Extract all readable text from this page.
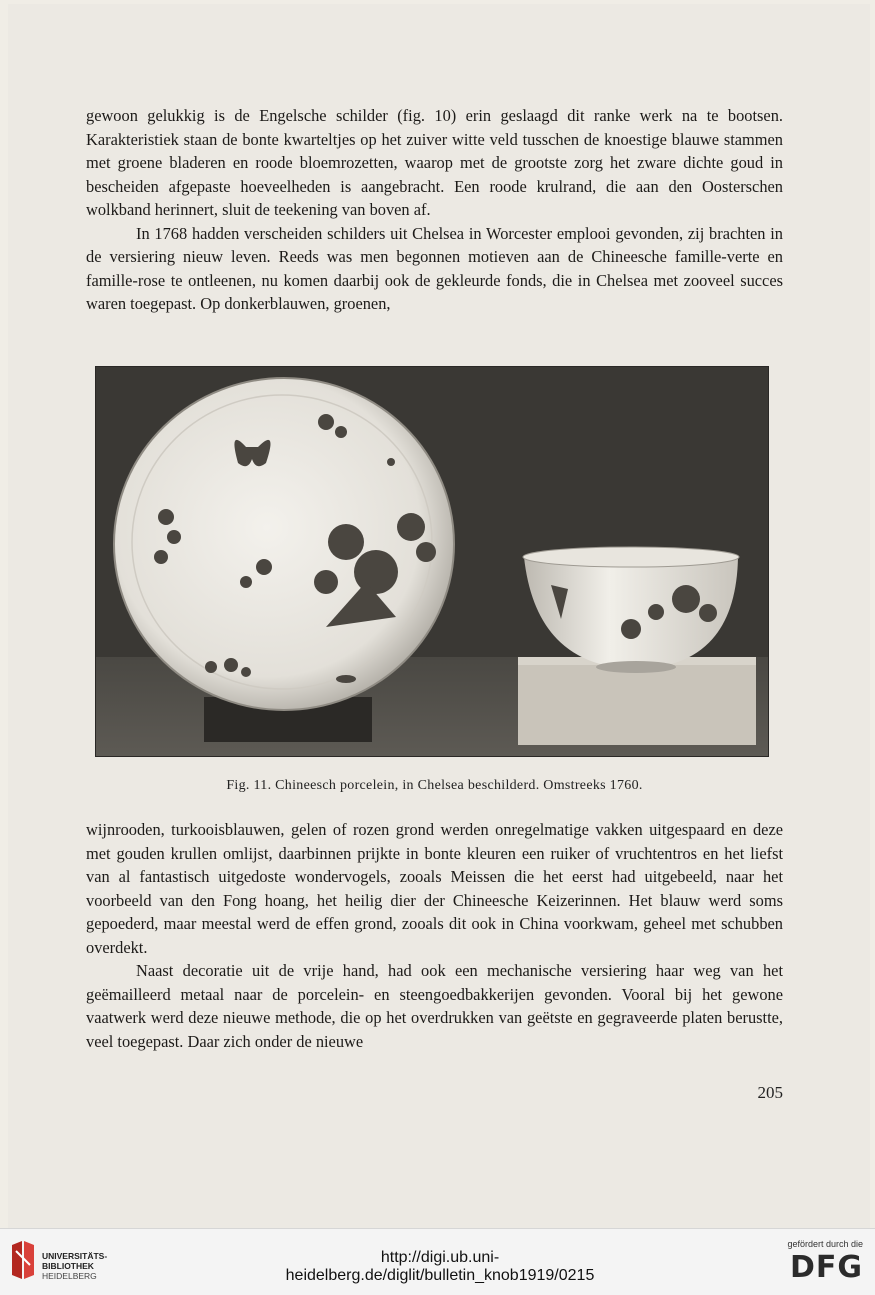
gewoon gelukkig is de Engelsche schilder (fig. 10) erin geslaagd dit ranke werk na te bootsen. Karakteristiek staan de bonte kwarteltjes op het zuiver witte veld tusschen de knoestige blauwe stammen met groene bladeren en roode bloemrozetten, waarop met de grootste zorg het zware dichte goud in bescheiden afgepaste hoeveelheden is aangebracht. Een roode krulrand, die aan den Oosterschen wolkband herinnert, sluit de teekening van boven af.

In 1768 hadden verscheiden schilders uit Chelsea in Worcester emplooi gevonden, zij brachten in de versiering nieuw leven. Reeds was men begonnen motieven aan de Chineesche famille-verte en famille-rose te ontleenen, nu komen daarbij ook de gekleurde fonds, die in Chelsea met zooveel succes waren toegepast. Op donkerblauwen, groenen,

Fig. 11. Chineesch porcelein, in Chelsea beschilderd. Omstreeks 1760.

wijnrooden, turkooisblauwen, gelen of rozen grond werden onregelmatige vakken uitgespaard en deze met gouden krullen omlijst, daarbinnen prijkte in bonte kleuren een ruiker of vruchtentros en het liefst van al fantastisch uitgedoste wondervogels, zooals Meissen die het eerst had uitgebeeld, naar het voorbeeld van den Fong hoang, het heilig dier der Chineesche Keizerinnen. Het blauw werd soms gepoederd, maar meestal werd de effen grond, zooals dit ook in China voorkwam, geheel met schubben overdekt.

Naast decoratie uit de vrije hand, had ook een mechanische versiering haar weg van het geëmailleerd metaal naar de porcelein- en steengoedbakkerijen gevonden. Vooral bij het gewone vaatwerk werd deze nieuwe methode, die op het overdrukken van geëtste en gegraveerde platen berustte, veel toegepast. Daar zich onder de nieuwe

205
UNIVERSITÄTS-
BIBLIOTHEK
HEIDELBERG
http://digi.ub.uni-heidelberg.de/diglit/bulletin_knob1919/0215
gefördert durch die
DFG
